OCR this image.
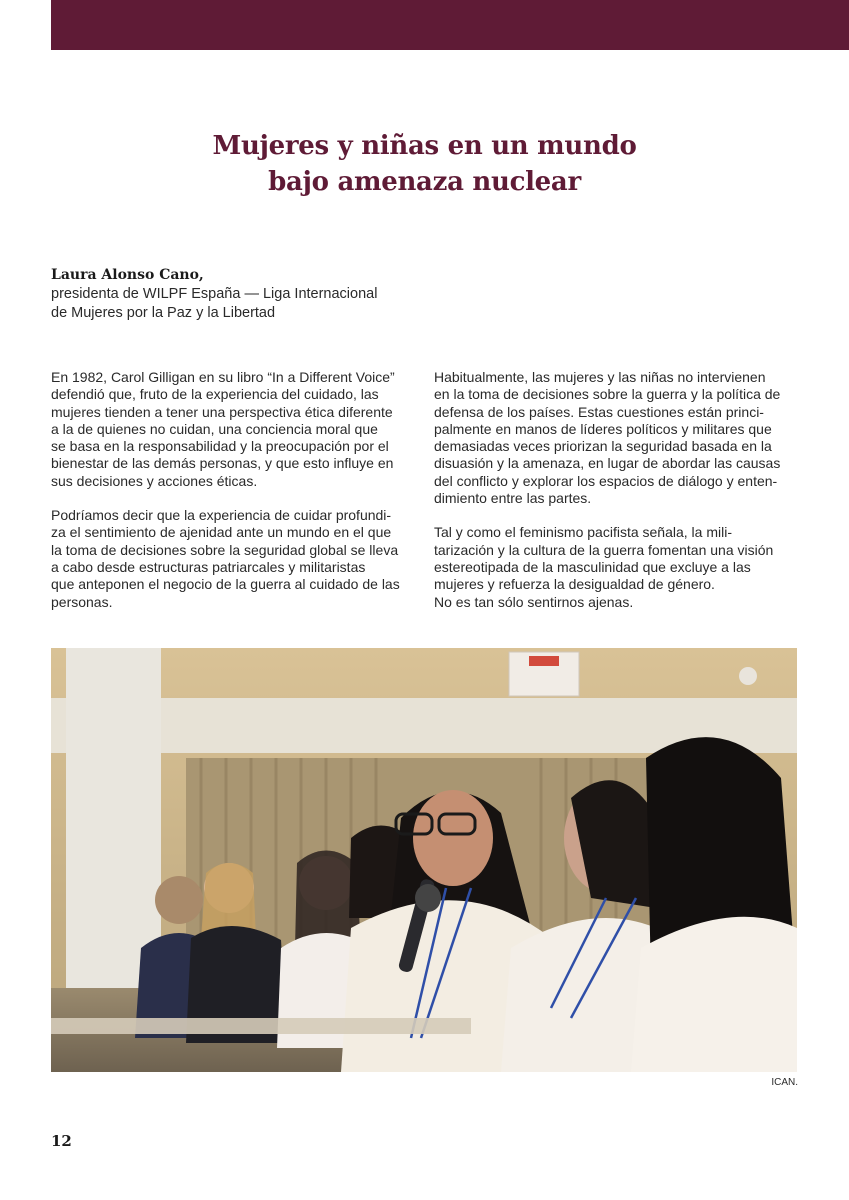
Mujeres y niñas en un mundo
bajo amenaza nuclear
Laura Alonso Cano,
presidenta de WILPF España — Liga Internacional
de Mujeres por la Paz y la Libertad

En 1982, Carol Gilligan en su libro “In a Different Voice”
defendió que, fruto de la experiencia del cuidado, las
mujeres tienden a tener una perspectiva ética diferente
a la de quienes no cuidan, una conciencia moral que
se basa en la responsabilidad y la preocupación por el
bienestar de las demás personas, y que esto influye en
sus decisiones y acciones éticas.

Podríamos decir que la experiencia de cuidar profundi-
za el sentimiento de ajenidad ante un mundo en el que
la toma de decisiones sobre la seguridad global se lleva
a cabo desde estructuras patriarcales y militaristas
que anteponen el negocio de la guerra al cuidado de las
personas.

Habitualmente, las mujeres y las niñas no intervienen
en la toma de decisiones sobre la guerra y la política de
defensa de los países. Estas cuestiones están princi-
palmente en manos de líderes políticos y militares que
demasiadas veces priorizan la seguridad basada en la
disuasión y la amenaza, en lugar de abordar las causas
del conflicto y explorar los espacios de diálogo y enten-
dimiento entre las partes.

Tal y como el feminismo pacifista señala, la mili-
tarización y la cultura de la guerra fomentan una visión
estereotipada de la masculinidad que excluye a las
mujeres y refuerza la desigualdad de género.
No es tan sólo sentirnos ajenas.

ICAN.
12
